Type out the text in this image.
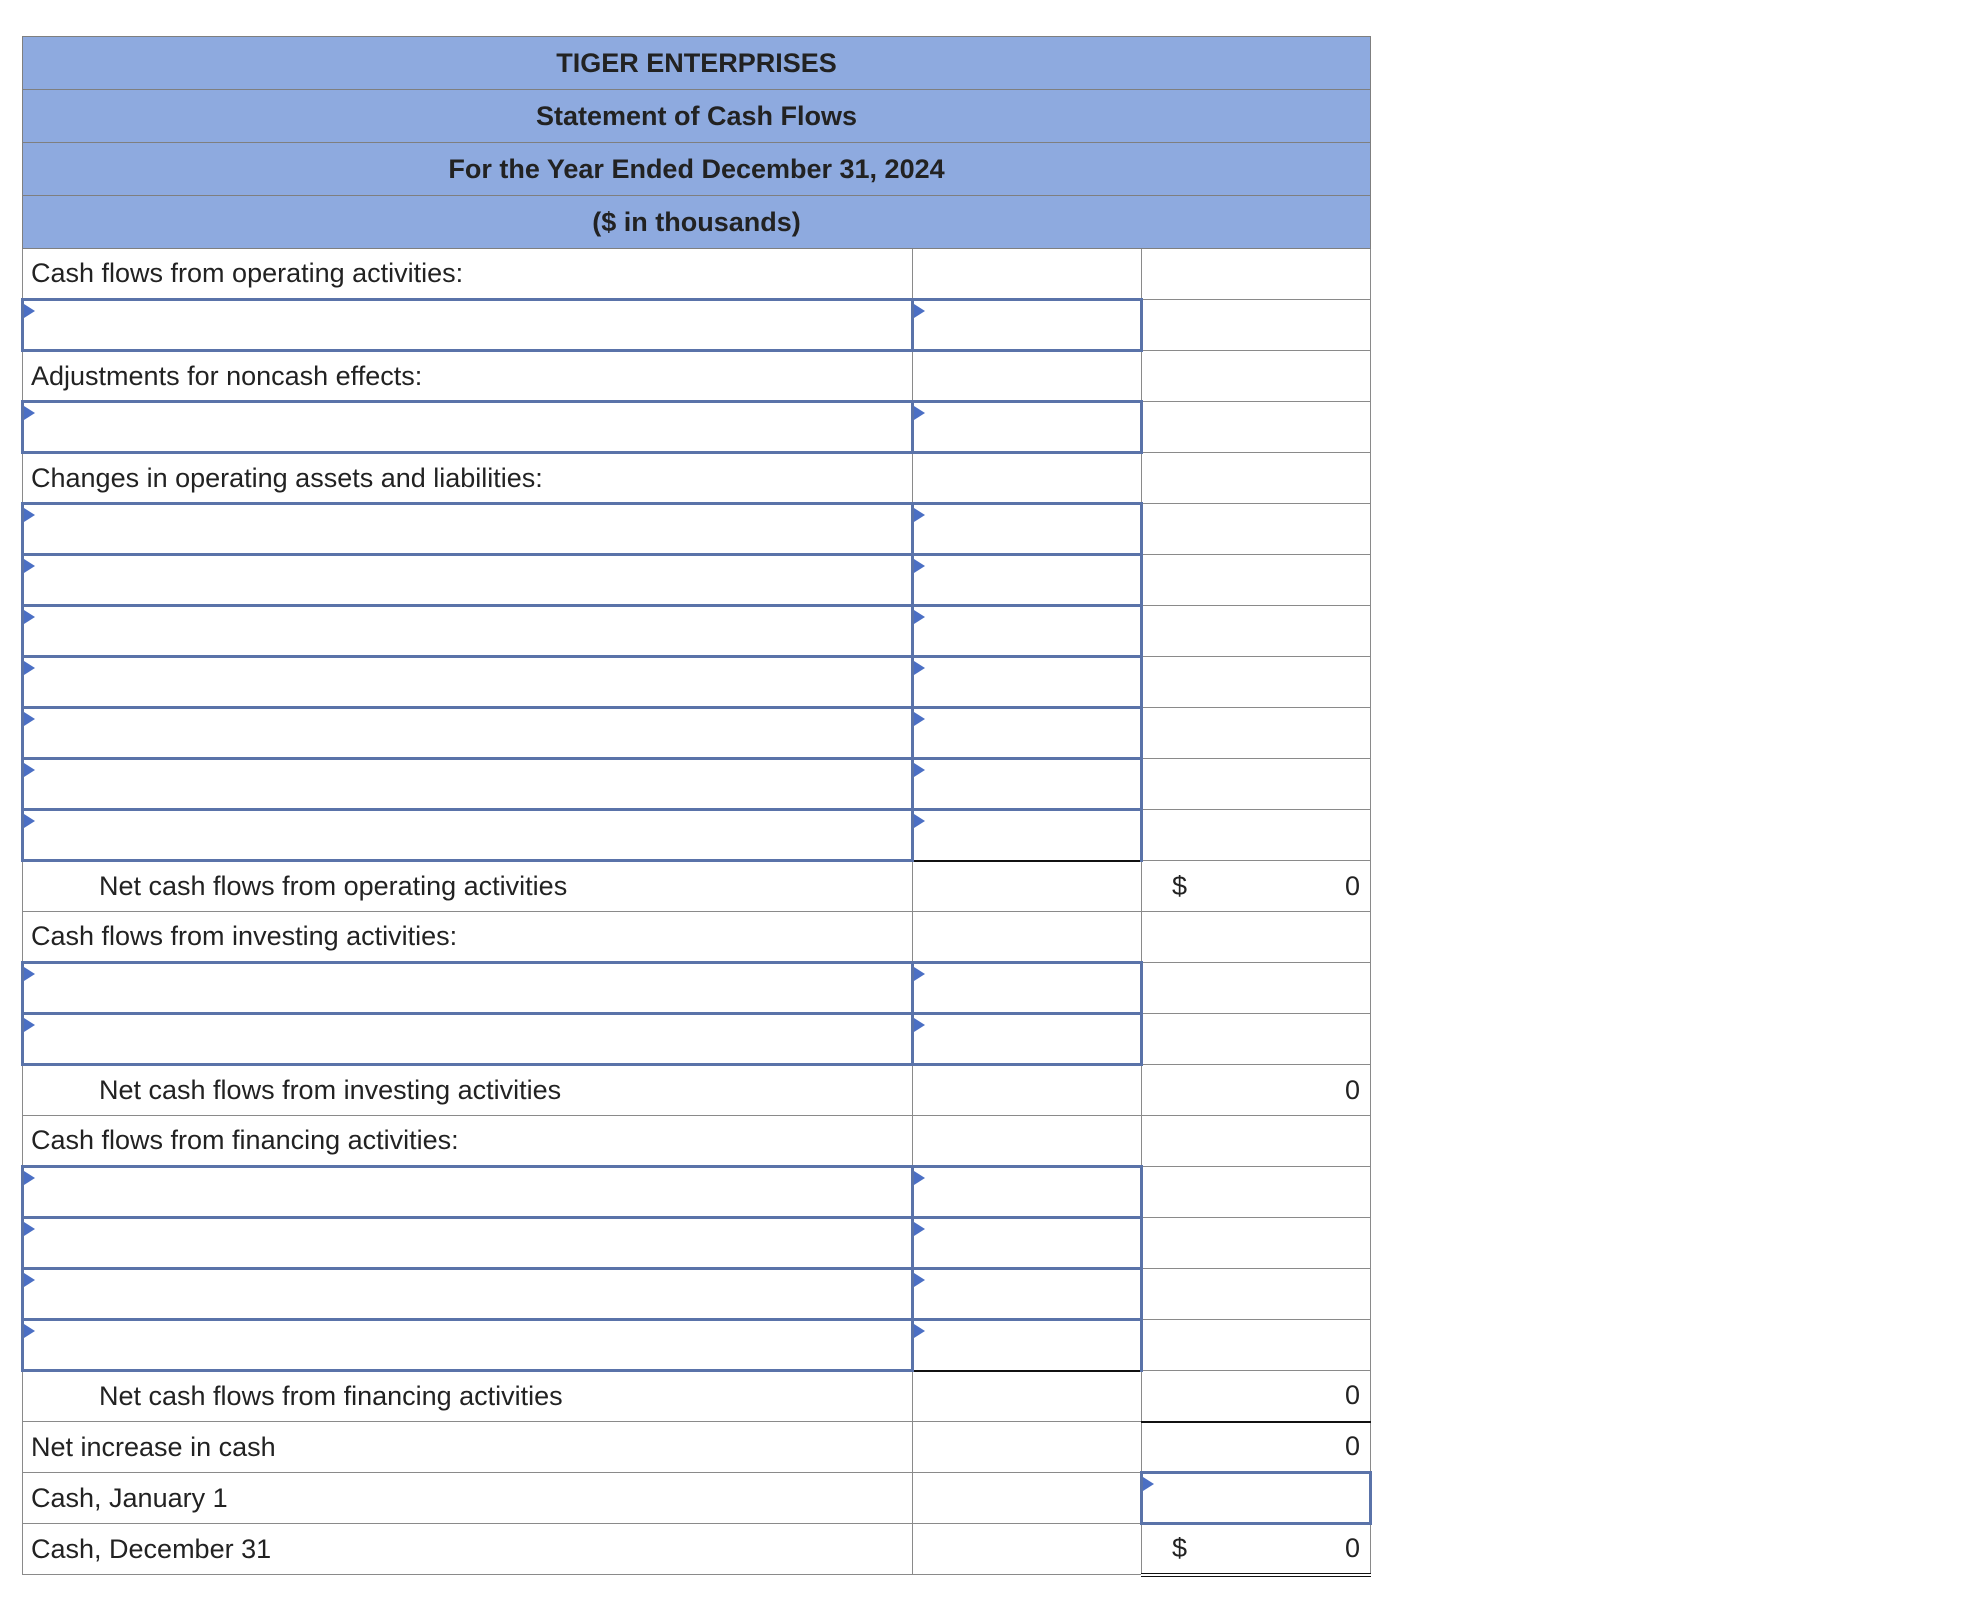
TIGER ENTERPRISES		
Statement of Cash Flows		
For the Year Ended December 31, 2024		
($ in thousands)		
Cash flows from operating activities:		

Adjustments for noncash effects:		

Changes in operating assets and liabilities:		

Net cash flows from operating activities		$ 0

Cash flows from investing activities:		

Net cash flows from investing activities		0
Cash flows from financing activities:		

Net cash flows from financing activities		0
Net increase in cash		0
Cash, January 1		
Cash, December 31		$ 0
